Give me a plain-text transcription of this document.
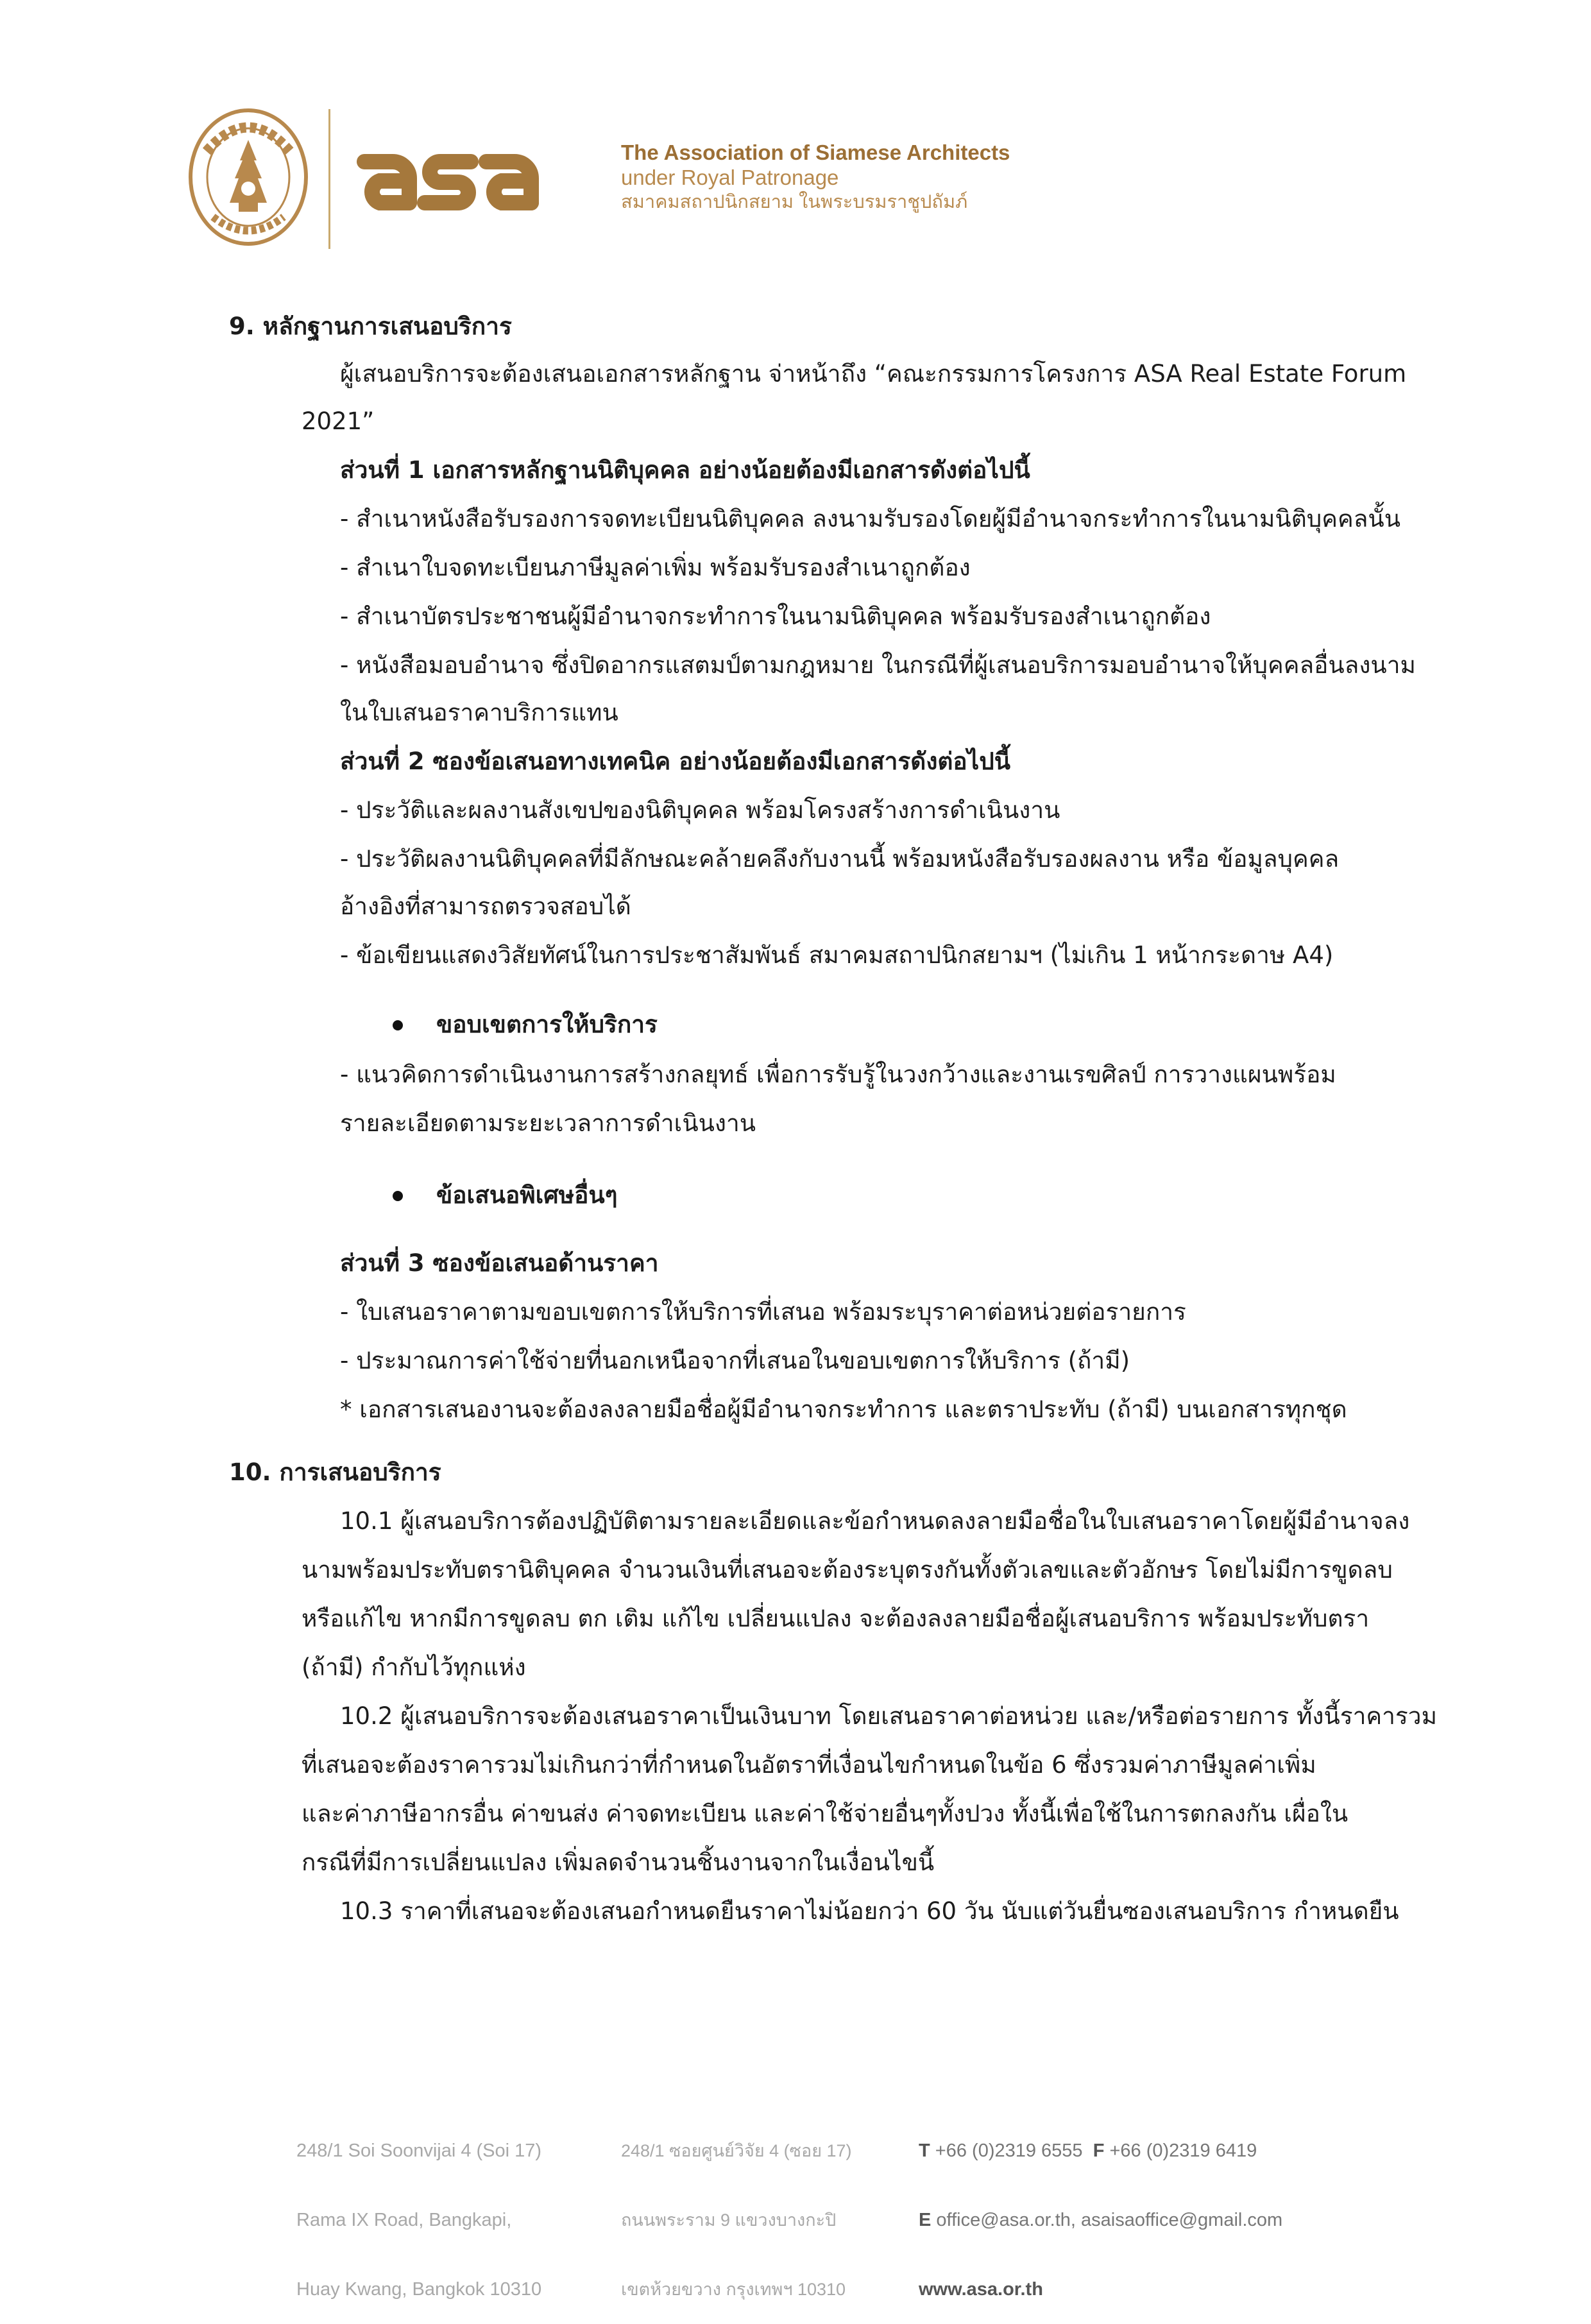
The Association of Siamese Architects
under Royal Patronage
สมาคมสถาปนิกสยาม ในพระบรมราชูปถัมภ์
9. หลักฐานการเสนอบริการ
ผู้เสนอบริการจะต้องเสนอเอกสารหลักฐาน จ่าหน้าถึง “คณะกรรมการโครงการ ASA Real Estate Forum
2021”
ส่วนที่ 1 เอกสารหลักฐานนิติบุคคล อย่างน้อยต้องมีเอกสารดังต่อไปนี้
- สำเนาหนังสือรับรองการจดทะเบียนนิติบุคคล ลงนามรับรองโดยผู้มีอำนาจกระทำการในนามนิติบุคคลนั้น
- สำเนาใบจดทะเบียนภาษีมูลค่าเพิ่ม พร้อมรับรองสำเนาถูกต้อง
- สำเนาบัตรประชาชนผู้มีอำนาจกระทำการในนามนิติบุคคล พร้อมรับรองสำเนาถูกต้อง
- หนังสือมอบอำนาจ ซึ่งปิดอากรแสตมป์ตามกฎหมาย ในกรณีที่ผู้เสนอบริการมอบอำนาจให้บุคคลอื่นลงนาม
ในใบเสนอราคาบริการแทน
ส่วนที่ 2 ซองข้อเสนอทางเทคนิค อย่างน้อยต้องมีเอกสารดังต่อไปนี้
- ประวัติและผลงานสังเขปของนิติบุคคล พร้อมโครงสร้างการดำเนินงาน
- ประวัติผลงานนิติบุคคลที่มีลักษณะคล้ายคลึงกับงานนี้ พร้อมหนังสือรับรองผลงาน หรือ ข้อมูลบุคคล
อ้างอิงที่สามารถตรวจสอบได้
- ข้อเขียนแสดงวิสัยทัศน์ในการประชาสัมพันธ์ สมาคมสถาปนิกสยามฯ (ไม่เกิน 1 หน้ากระดาษ A4)
ขอบเขตการให้บริการ
- แนวคิดการดำเนินงานการสร้างกลยุทธ์ เพื่อการรับรู้ในวงกว้างและงานเรขศิลป์ การวางแผนพร้อม
รายละเอียดตามระยะเวลาการดำเนินงาน
ข้อเสนอพิเศษอื่นๆ
ส่วนที่ 3 ซองข้อเสนอด้านราคา
- ใบเสนอราคาตามขอบเขตการให้บริการที่เสนอ พร้อมระบุราคาต่อหน่วยต่อรายการ
- ประมาณการค่าใช้จ่ายที่นอกเหนือจากที่เสนอในขอบเขตการให้บริการ (ถ้ามี)
* เอกสารเสนองานจะต้องลงลายมือชื่อผู้มีอำนาจกระทำการ และตราประทับ (ถ้ามี) บนเอกสารทุกชุด
10. การเสนอบริการ
10.1 ผู้เสนอบริการต้องปฏิบัติตามรายละเอียดและข้อกำหนดลงลายมือชื่อในใบเสนอราคาโดยผู้มีอำนาจลง
นามพร้อมประทับตรานิติบุคคล จำนวนเงินที่เสนอจะต้องระบุตรงกันทั้งตัวเลขและตัวอักษร โดยไม่มีการขูดลบ
หรือแก้ไข หากมีการขูดลบ ตก เติม แก้ไข เปลี่ยนแปลง จะต้องลงลายมือชื่อผู้เสนอบริการ พร้อมประทับตรา
(ถ้ามี) กำกับไว้ทุกแห่ง
10.2 ผู้เสนอบริการจะต้องเสนอราคาเป็นเงินบาท โดยเสนอราคาต่อหน่วย และ/หรือต่อรายการ ทั้งนี้ราคารวม
ที่เสนอจะต้องราคารวมไม่เกินกว่าที่กำหนดในอัตราที่เงื่อนไขกำหนดในข้อ 6 ซึ่งรวมค่าภาษีมูลค่าเพิ่ม
และค่าภาษีอากรอื่น ค่าขนส่ง ค่าจดทะเบียน และค่าใช้จ่ายอื่นๆทั้งปวง ทั้งนี้เพื่อใช้ในการตกลงกัน เผื่อใน
กรณีที่มีการเปลี่ยนแปลง เพิ่มลดจำนวนชิ้นงานจากในเงื่อนไขนี้
10.3 ราคาที่เสนอจะต้องเสนอกำหนดยืนราคาไม่น้อยกว่า 60 วัน นับแต่วันยื่นซองเสนอบริการ กำหนดยืน

248/1 Soi Soonvijai 4 (Soi 17)

Rama IX Road, Bangkapi,

Huay Kwang, Bangkok 10310

248/1 ซอยศูนย์วิจัย 4 (ซอย 17)

ถนนพระราม 9 แขวงบางกะปิ

เขตห้วยขวาง กรุงเทพฯ 10310

T +66 (0)2319 6555 F +66 (0)2319 6419

E office@asa.or.th, asaisaoffice@gmail.com

www.asa.or.th
